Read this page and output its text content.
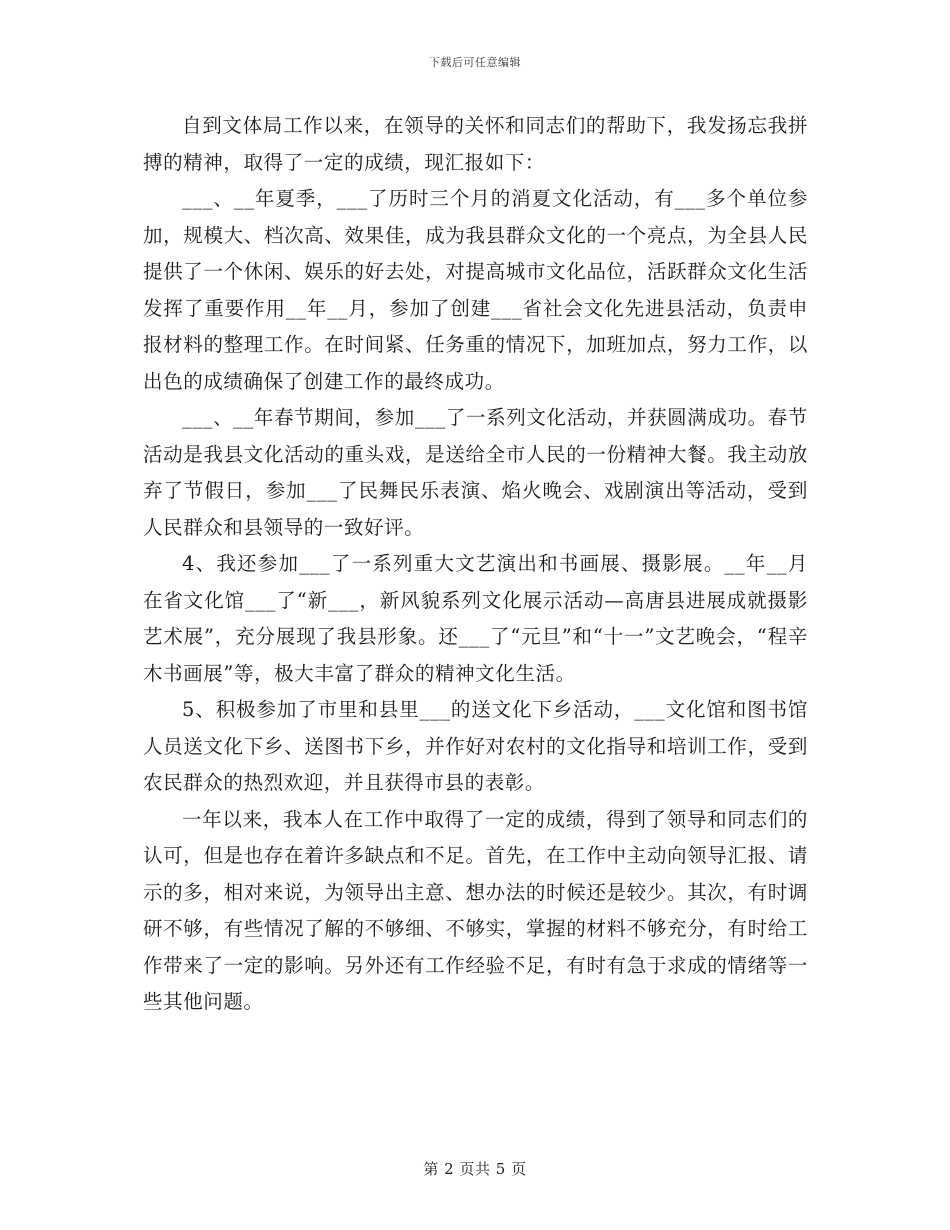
下载后可任意编辑

自到文体局工作以来，在领导的关怀和同志们的帮助下，我发扬忘我拼搏的精神，取得了一定的成绩，现汇报如下：

___、__年夏季，___了历时三个月的消夏文化活动，有___多个单位参加，规模大、档次高、效果佳，成为我县群众文化的一个亮点，为全县人民提供了一个休闲、娱乐的好去处，对提高城市文化品位，活跃群众文化生活发挥了重要作用__年__月，参加了创建___省社会文化先进县活动，负责申报材料的整理工作。在时间紧、任务重的情况下，加班加点，努力工作，以出色的成绩确保了创建工作的最终成功。

___、__年春节期间，参加___了一系列文化活动，并获圆满成功。春节活动是我县文化活动的重头戏，是送给全市人民的一份精神大餐。我主动放弃了节假日，参加___了民舞民乐表演、焰火晚会、戏剧演出等活动，受到人民群众和县领导的一致好评。

4、我还参加___了一系列重大文艺演出和书画展、摄影展。__年__月在省文化馆___了“新___，新风貌系列文化展示活动—高唐县进展成就摄影艺术展”，充分展现了我县形象。还___了“元旦”和“十一”文艺晚会，“程辛木书画展”等，极大丰富了群众的精神文化生活。

5、积极参加了市里和县里___的送文化下乡活动，___文化馆和图书馆人员送文化下乡、送图书下乡，并作好对农村的文化指导和培训工作，受到农民群众的热烈欢迎，并且获得市县的表彰。

一年以来，我本人在工作中取得了一定的成绩，得到了领导和同志们的认可，但是也存在着许多缺点和不足。首先，在工作中主动向领导汇报、请示的多，相对来说，为领导出主意、想办法的时候还是较少。其次，有时调研不够，有些情况了解的不够细、不够实，掌握的材料不够充分，有时给工作带来了一定的影响。另外还有工作经验不足，有时有急于求成的情绪等一些其他问题。

第 2 页共 5 页
